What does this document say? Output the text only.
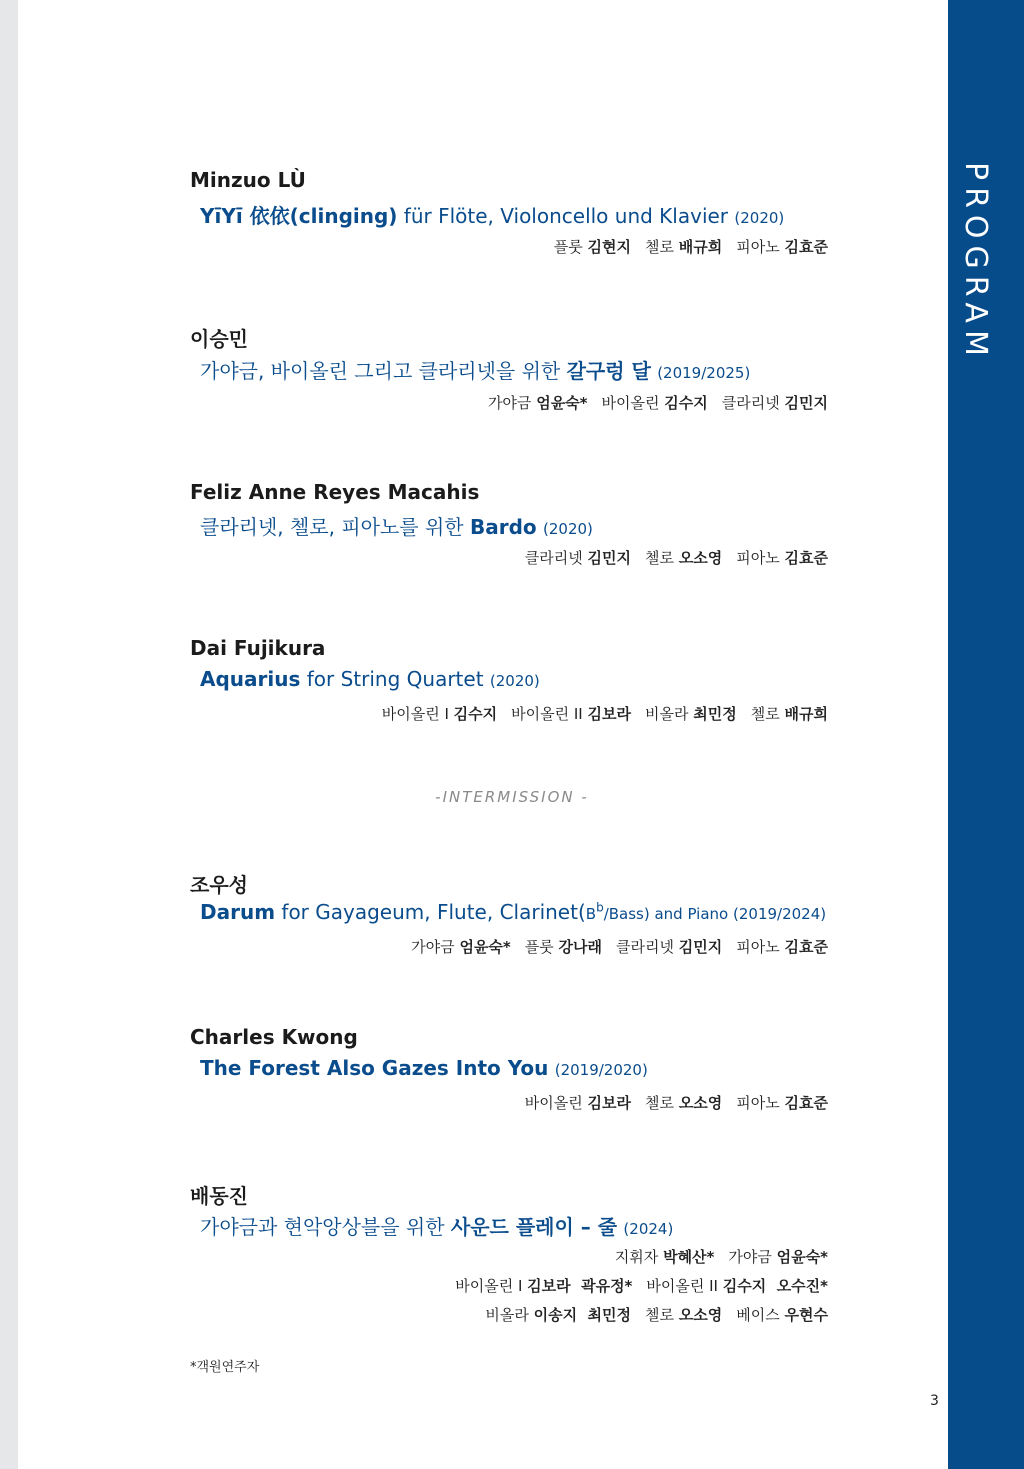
PROGRAM
Minzuo LÙ
YīYī 依依(clinging) für Flöte, Violoncello und Klavier (2020)
플룻 김현지 첼로 배규희 피아노 김효준
이승민
가야금, 바이올린 그리고 클라리넷을 위한 갈구렁 달 (2019/2025)
가야금 엄윤숙* 바이올린 김수지 클라리넷 김민지
Feliz Anne Reyes Macahis
클라리넷, 첼로, 피아노를 위한 Bardo (2020)
클라리넷 김민지 첼로 오소영 피아노 김효준
Dai Fujikura
Aquarius for String Quartet (2020)
바이올린 I 김수지 바이올린 II 김보라 비올라 최민정 첼로 배규희
조우성
Darum for Gayageum, Flute, $Clarinet(B^b/Bass)$ and Piano (2019/2024)
가야금 엄윤숙* 플룻 강나래 클라리넷 김민지 피아노 김효준
Charles Kwong
The Forest Also Gazes Into You (2019/2020)
바이올린 김보라 첼로 오소영 피아노 김효준
배동진
가야금과 현악앙상블을 위한 사운드 플레이 – 줄 (2024)
지휘자 박혜산* 가야금 엄윤숙*
바이올린 I 김보라  곽유정* 바이올린 II 김수지  오수진*
비올라 이송지  최민정 첼로 오소영 베이스 우현수
-INTERMISSION -
*객원연주자
3
